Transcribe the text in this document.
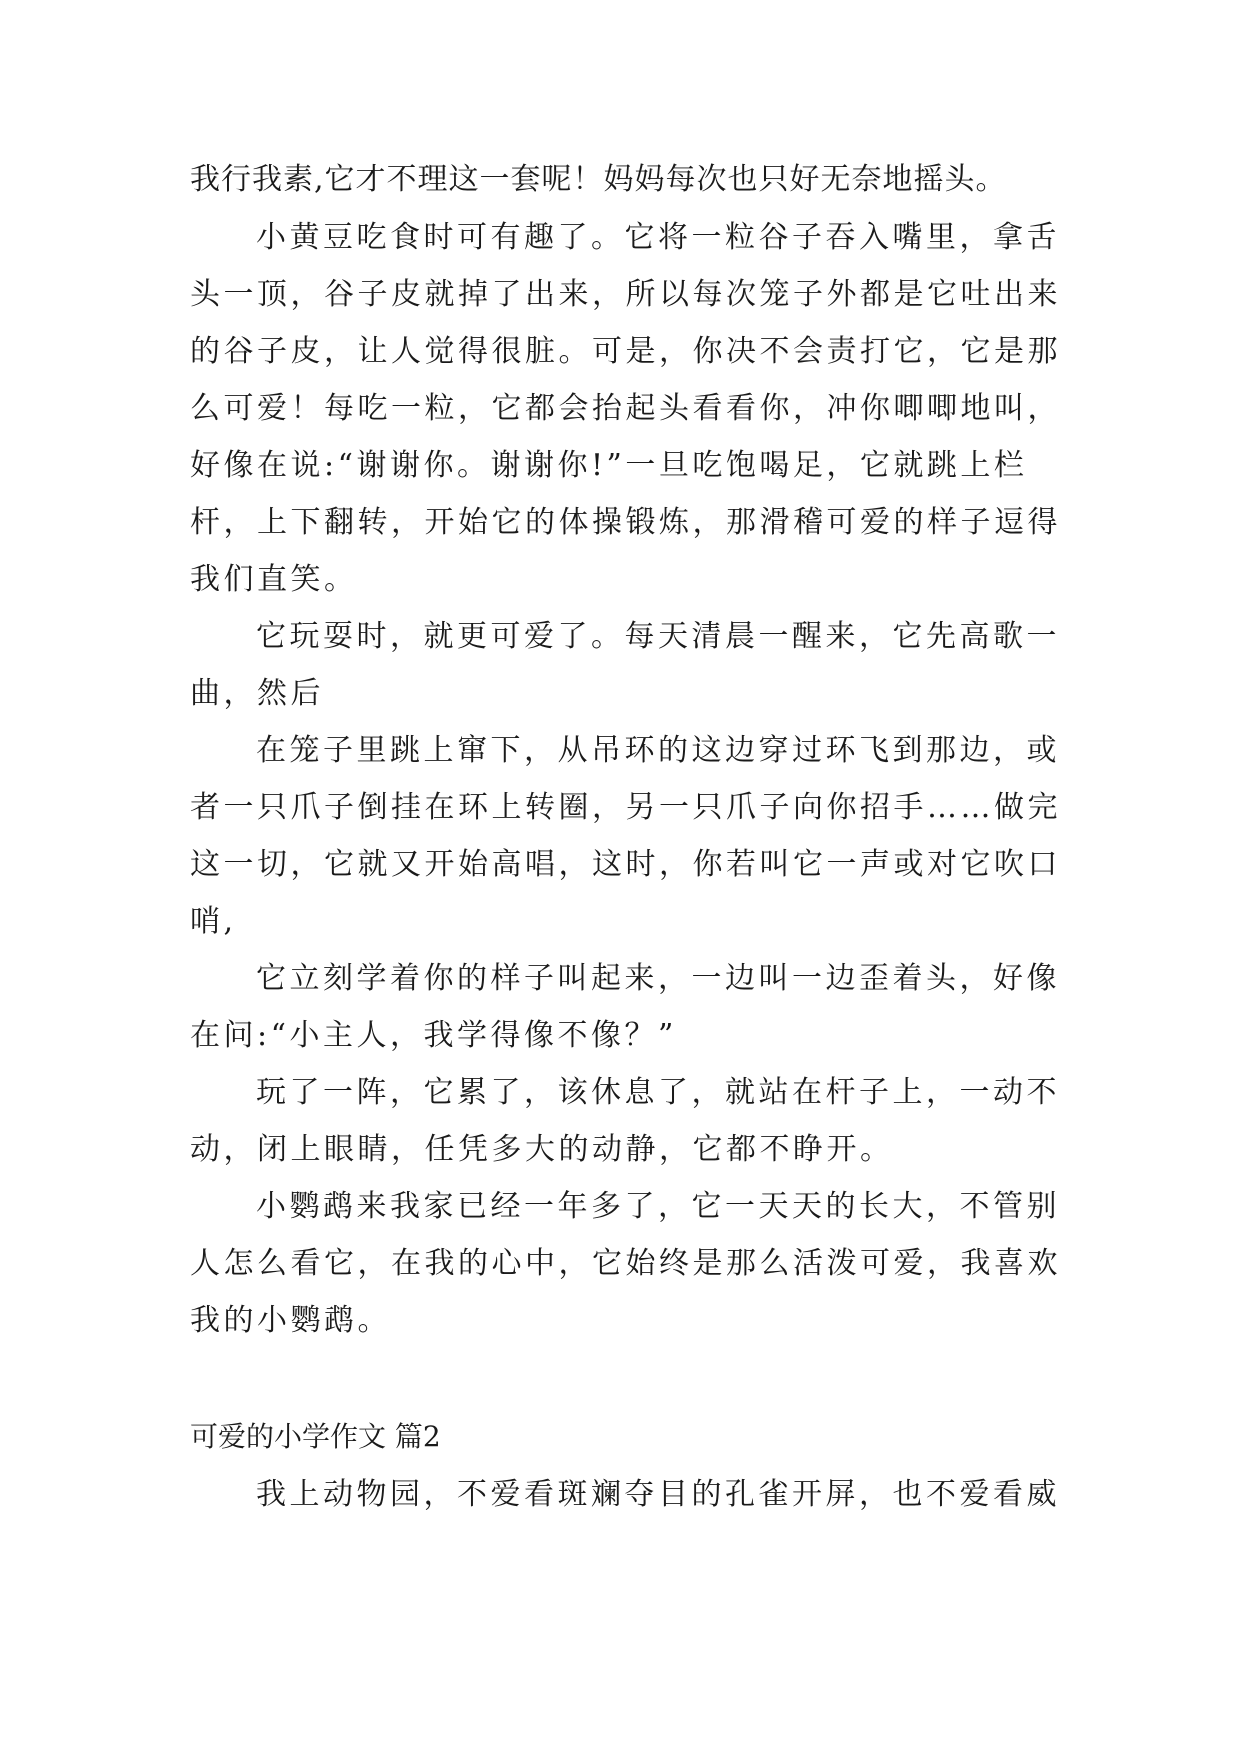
我行我素,它才不理这一套呢！妈妈每次也只好无奈地摇头。
小黄豆吃食时可有趣了。它将一粒谷子吞入嘴里，拿舌
头一顶，谷子皮就掉了出来，所以每次笼子外都是它吐出来
的谷子皮，让人觉得很脏。可是，你决不会责打它，它是那
么可爱！每吃一粒，它都会抬起头看看你，冲你唧唧地叫，
好像在说:“谢谢你。谢谢你!”一旦吃饱喝足，它就跳上栏
杆，上下翻转，开始它的体操锻炼，那滑稽可爱的样子逗得
我们直笑。
它玩耍时，就更可爱了。每天清晨一醒来，它先高歌一
曲，然后
在笼子里跳上窜下，从吊环的这边穿过环飞到那边，或
者一只爪子倒挂在环上转圈，另一只爪子向你招手……做完
这一切，它就又开始高唱，这时，你若叫它一声或对它吹口
哨,
它立刻学着你的样子叫起来，一边叫一边歪着头，好像
在问:“小主人，我学得像不像？”
玩了一阵，它累了，该休息了，就站在杆子上，一动不
动，闭上眼睛，任凭多大的动静，它都不睁开。
小鹦鹉来我家已经一年多了，它一天天的长大，不管别
人怎么看它，在我的心中，它始终是那么活泼可爱，我喜欢
我的小鹦鹉。
可爱的小学作文 篇2
我上动物园，不爱看斑斓夺目的孔雀开屏，也不爱看威
